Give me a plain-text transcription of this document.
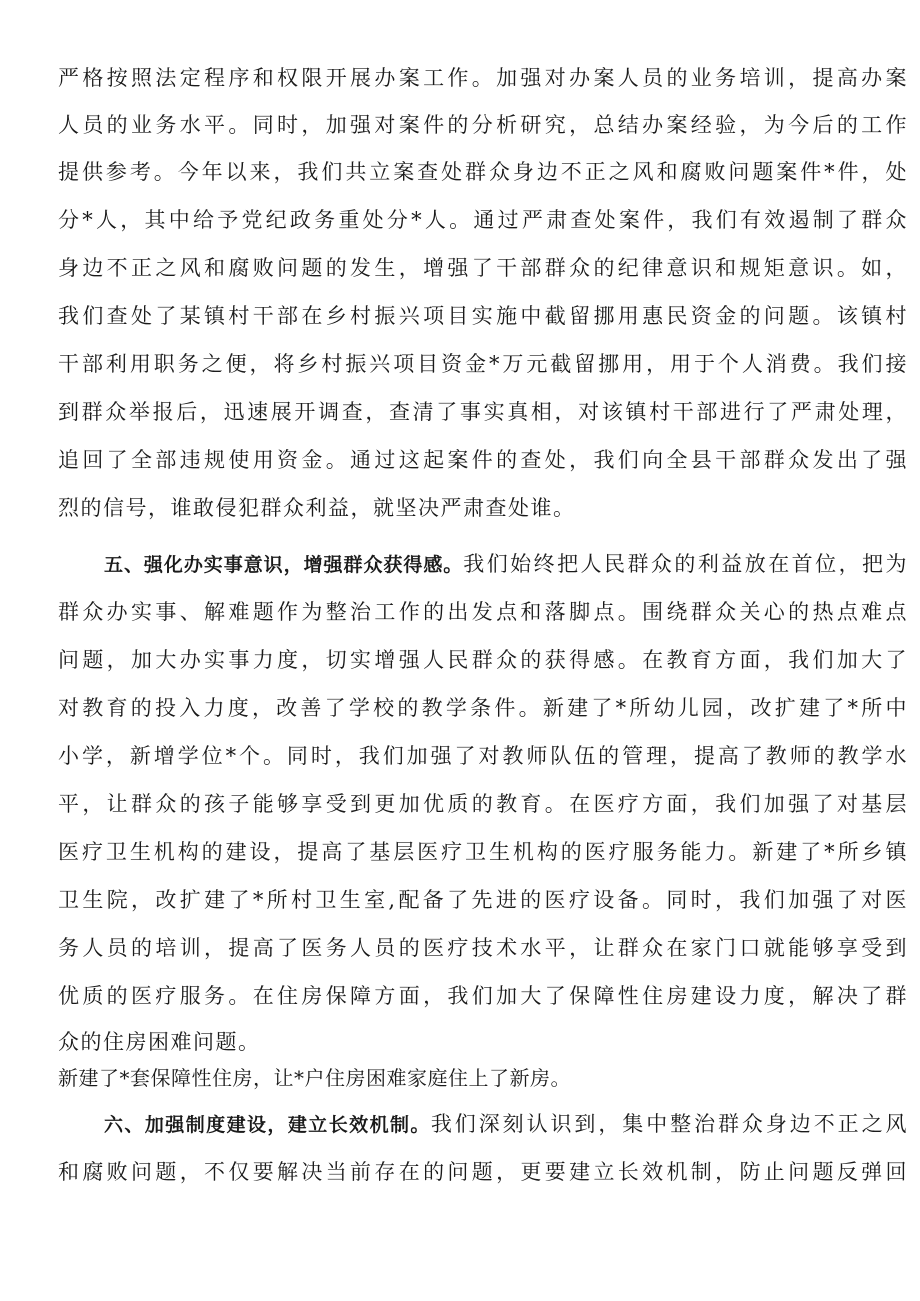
严格按照法定程序和权限开展办案工作。加强对办案人员的业务培训，提高办案
人员的业务水平。同时，加强对案件的分析研究，总结办案经验，为今后的工作
提供参考。今年以来，我们共立案查处群众身边不正之风和腐败问题案件*件，处
分*人，其中给予党纪政务重处分*人。通过严肃查处案件，我们有效遏制了群众
身边不正之风和腐败问题的发生，增强了干部群众的纪律意识和规矩意识。如，
我们查处了某镇村干部在乡村振兴项目实施中截留挪用惠民资金的问题。该镇村
干部利用职务之便，将乡村振兴项目资金*万元截留挪用，用于个人消费。我们接
到群众举报后，迅速展开调查，查清了事实真相，对该镇村干部进行了严肃处理，
追回了全部违规使用资金。通过这起案件的查处，我们向全县干部群众发出了强
烈的信号，谁敢侵犯群众利益，就坚决严肃查处谁。
五、强化办实事意识，增强群众获得感。我们始终把人民群众的利益放在首位，把为
群众办实事、解难题作为整治工作的出发点和落脚点。围绕群众关心的热点难点
问题，加大办实事力度，切实增强人民群众的获得感。在教育方面，我们加大了
对教育的投入力度，改善了学校的教学条件。新建了*所幼儿园，改扩建了*所中
小学，新增学位*个。同时，我们加强了对教师队伍的管理，提高了教师的教学水
平，让群众的孩子能够享受到更加优质的教育。在医疗方面，我们加强了对基层
医疗卫生机构的建设，提高了基层医疗卫生机构的医疗服务能力。新建了*所乡镇
卫生院，改扩建了*所村卫生室,配备了先进的医疗设备。同时，我们加强了对医
务人员的培训，提高了医务人员的医疗技术水平，让群众在家门口就能够享受到
优质的医疗服务。在住房保障方面，我们加大了保障性住房建设力度，解决了群
众的住房困难问题。
新建了*套保障性住房，让*户住房困难家庭住上了新房。
六、加强制度建设，建立长效机制。我们深刻认识到，集中整治群众身边不正之风
和腐败问题，不仅要解决当前存在的问题，更要建立长效机制，防止问题反弹回
